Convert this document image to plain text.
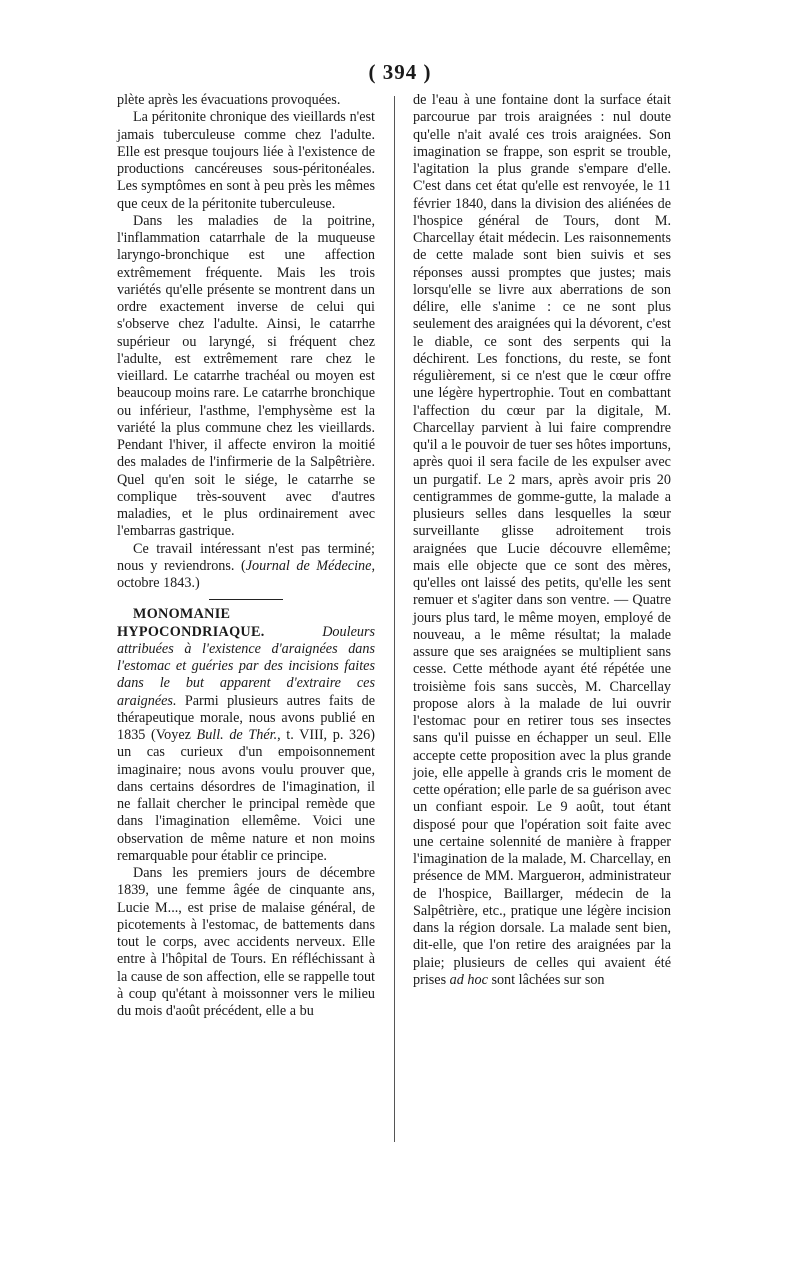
( 394 )

plète après les évacuations provoquées.

La péritonite chronique des vieillards n'est jamais tuberculeuse comme chez l'adulte. Elle est presque toujours liée à l'existence de productions cancéreuses sous-péritonéales. Les symptômes en sont à peu près les mêmes que ceux de la péritonite tuberculeuse.

Dans les maladies de la poitrine, l'inflammation catarrhale de la muqueuse laryngo-bronchique est une affection extrêmement fréquente. Mais les trois variétés qu'elle présente se montrent dans un ordre exactement inverse de celui qui s'observe chez l'adulte. Ainsi, le catarrhe supérieur ou laryngé, si fréquent chez l'adulte, est extrêmement rare chez le vieillard. Le catarrhe trachéal ou moyen est beaucoup moins rare. Le catarrhe bronchique ou inférieur, l'asthme, l'emphysème est la variété la plus commune chez les vieillards. Pendant l'hiver, il affecte environ la moitié des malades de l'infirmerie de la Salpêtrière. Quel qu'en soit le siége, le catarrhe se complique très-souvent avec d'autres maladies, et le plus ordinairement avec l'embarras gastrique.

Ce travail intéressant n'est pas terminé; nous y reviendrons. (Journal de Médecine, octobre 1843.)

MONOMANIE HYPOCONDRIAQUE.	Douleurs attribuées à l'existence d'araignées dans l'estomac et guéries par des incisions faites dans le but apparent d'extraire ces araignées. Parmi plusieurs autres faits de thérapeutique morale, nous avons publié en 1835 (Voyez Bull. de Thér., t. VIII, p. 326) un cas curieux d'un empoisonnement imaginaire; nous avons voulu prouver que, dans certains désordres de l'imagination, il ne fallait chercher le principal remède que dans l'imagination ellemême. Voici une observation de même nature et non moins remarquable pour établir ce principe.

Dans les premiers jours de décembre 1839, une femme âgée de cinquante ans, Lucie M..., est prise de malaise général, de picotements à l'estomac, de battements dans tout le corps, avec accidents nerveux. Elle entre à l'hôpital de Tours. En réfléchissant à la cause de son affection, elle se rappelle tout à coup qu'étant à moissonner vers le milieu du mois d'août précédent, elle a bu

de l'eau à une fontaine dont la surface était parcourue par trois araignées : nul doute qu'elle n'ait avalé ces trois araignées. Son imagination se frappe, son esprit se trouble, l'agitation la plus grande s'empare d'elle. C'est dans cet état qu'elle est renvoyée, le 11 février 1840, dans la division des aliénées de l'hospice général de Tours, dont M. Charcellay était médecin. Les raisonnements de cette malade sont bien suivis et ses réponses aussi promptes que justes; mais lorsqu'elle se livre aux aberrations de son délire, elle s'anime : ce ne sont plus seulement des araignées qui la dévorent, c'est le diable, ce sont des serpents qui la déchirent. Les fonctions, du reste, se font régulièrement, si ce n'est que le cœur offre une légère hypertrophie. Tout en combattant l'affection du cœur par la digitale, M. Charcellay parvient à lui faire comprendre qu'il a le pouvoir de tuer ses hôtes importuns, après quoi il sera facile de les expulser avec un purgatif. Le 2 mars, après avoir pris 20 centigrammes de gomme-gutte, la malade a plusieurs selles dans lesquelles la sœur surveillante glisse adroitement trois araignées que Lucie découvre ellemême; mais elle objecte que ce sont des mères, qu'elles ont laissé des petits, qu'elle les sent remuer et s'agiter dans son ventre. — Quatre jours plus tard, le même moyen, employé de nouveau, a le même résultat; la malade assure que ses araignées se multiplient sans cesse. Cette méthode ayant été répétée une troisième fois sans succès, M. Charcellay propose alors à la malade de lui ouvrir l'estomac pour en retirer tous ses insectes sans qu'il puisse en échapper un seul. Elle accepte cette proposition avec la plus grande joie, elle appelle à grands cris le moment de cette opération; elle parle de sa guérison avec un confiant espoir. Le 9 août, tout étant disposé pour que l'opération soit faite avec une certaine solennité de manière à frapper l'imagination de la malade, M. Charcellay, en présence de MM. Marguerон, administrateur de l'hospice, Baillarger, médecin de la Salpêtrière, etc., pratique une légère incision dans la région dorsale. La malade sent bien, dit-elle, que l'on retire des araignées par la plaie; plusieurs de celles qui avaient été prises ad hoc sont lâchées sur son
